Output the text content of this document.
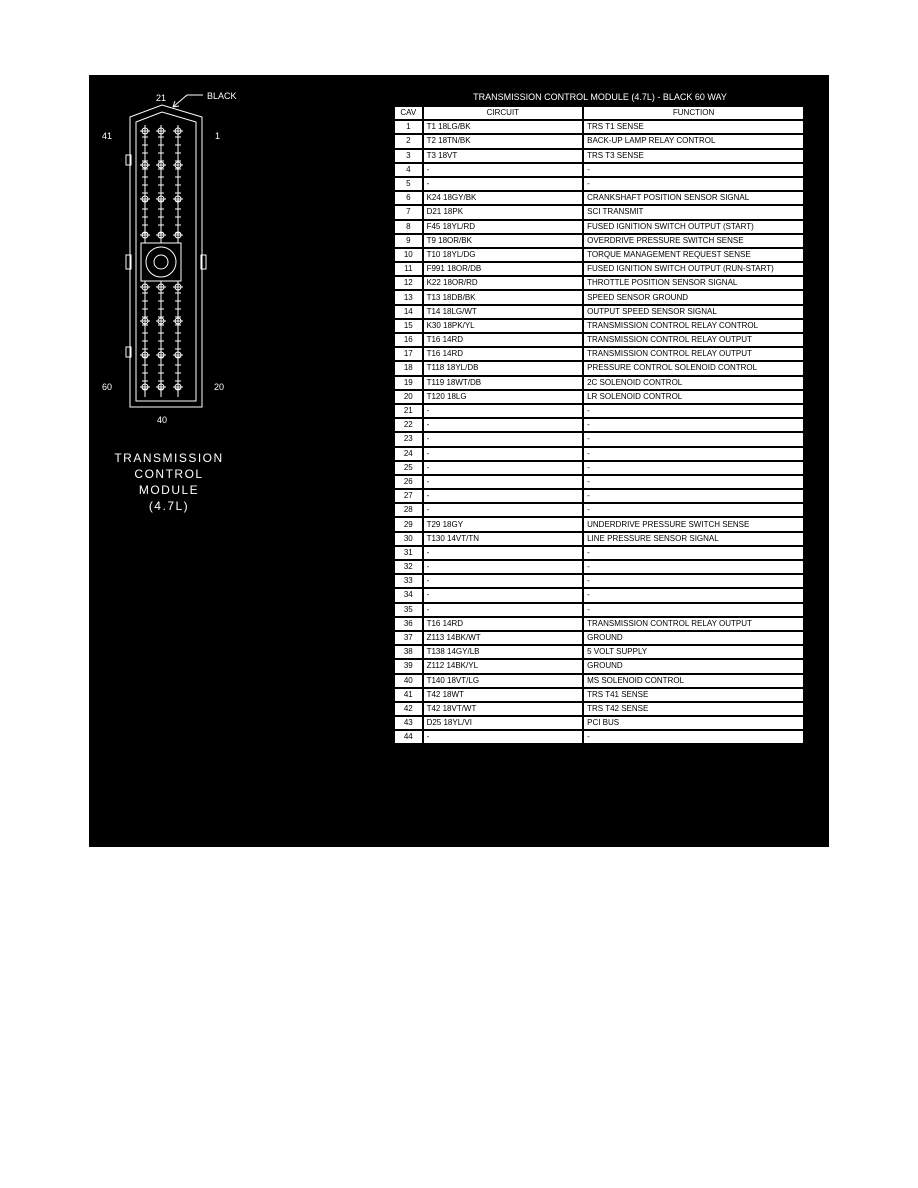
BLACK
21
41	1
60	20
40
TRANSMISSION
CONTROL
MODULE
(4.7L)
TRANSMISSION CONTROL MODULE (4.7L) - BLACK 60 WAY
CAV	CIRCUIT	FUNCTION
1	T1 18LG/BK	TRS T1 SENSE
2	T2 18TN/BK	BACK-UP LAMP RELAY CONTROL
3	T3 18VT	TRS T3 SENSE
4	-	-
5	-	-
6	K24 18GY/BK	CRANKSHAFT POSITION SENSOR SIGNAL
7	D21 18PK	SCI TRANSMIT
8	F45 18YL/RD	FUSED IGNITION SWITCH OUTPUT (START)
9	T9 18OR/BK	OVERDRIVE PRESSURE SWITCH SENSE
10	T10 18YL/DG	TORQUE MANAGEMENT REQUEST SENSE
11	F991 18OR/DB	FUSED IGNITION SWITCH OUTPUT (RUN-START)
12	K22 18OR/RD	THROTTLE POSITION SENSOR SIGNAL
13	T13 18DB/BK	SPEED SENSOR GROUND
14	T14 18LG/WT	OUTPUT SPEED SENSOR SIGNAL
15	K30 18PK/YL	TRANSMISSION CONTROL RELAY CONTROL
16	T16 14RD	TRANSMISSION CONTROL RELAY OUTPUT
17	T16 14RD	TRANSMISSION CONTROL RELAY OUTPUT
18	T118 18YL/DB	PRESSURE CONTROL SOLENOID CONTROL
19	T119 18WT/DB	2C SOLENOID CONTROL
20	T120 18LG	LR SOLENOID CONTROL
21	-	-
22	-	-
23	-	-
24	-	-
25	-	-
26	-	-
27	-	-
28	-	-
29	T29 18GY	UNDERDRIVE PRESSURE SWITCH SENSE
30	T130 14VT/TN	LINE PRESSURE SENSOR SIGNAL
31	-	-
32	-	-
33	-	-
34	-	-
35	-	-
36	T16 14RD	TRANSMISSION CONTROL RELAY OUTPUT
37	Z113 14BK/WT	GROUND
38	T138 14GY/LB	5 VOLT SUPPLY
39	Z112 14BK/YL	GROUND
40	T140 18VT/LG	MS SOLENOID CONTROL
41	T42 18WT	TRS T41 SENSE
42	T42 18VT/WT	TRS T42 SENSE
43	D25 18YL/VI	PCI BUS
44	-	-
